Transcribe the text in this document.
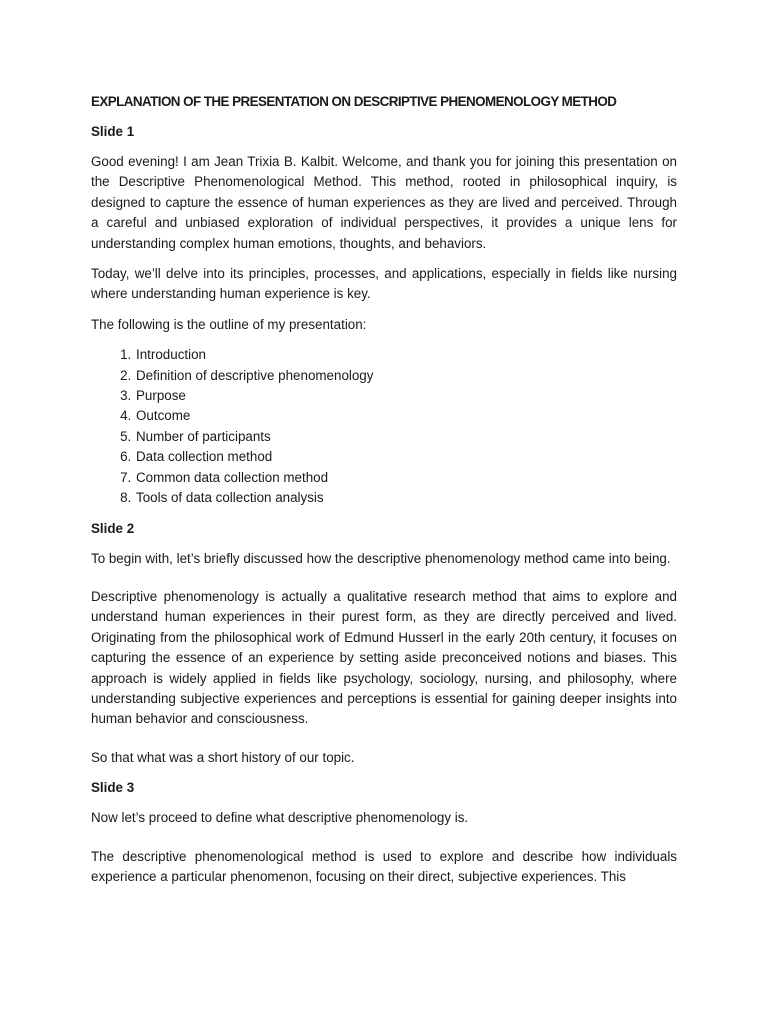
EXPLANATION OF THE PRESENTATION ON DESCRIPTIVE PHENOMENOLOGY METHOD
Slide 1

Good evening! I am Jean Trixia B. Kalbit. Welcome, and thank you for joining this presentation on the Descriptive Phenomenological Method. This method, rooted in philosophical inquiry, is designed to capture the essence of human experiences as they are lived and perceived. Through a careful and unbiased exploration of individual perspectives, it provides a unique lens for understanding complex human emotions, thoughts, and behaviors.

Today, we’ll delve into its principles, processes, and applications, especially in fields like nursing where understanding human experience is key.

The following is the outline of my presentation:

1. Introduction
2. Definition of descriptive phenomenology
3. Purpose
4. Outcome
5. Number of participants
6. Data collection method
7. Common data collection method
8. Tools of data collection analysis
Slide 2

To begin with, let’s briefly discussed how the descriptive phenomenology method came into being.

Descriptive phenomenology is actually a qualitative research method that aims to explore and understand human experiences in their purest form, as they are directly perceived and lived. Originating from the philosophical work of Edmund Husserl in the early 20th century, it focuses on capturing the essence of an experience by setting aside preconceived notions and biases. This approach is widely applied in fields like psychology, sociology, nursing, and philosophy, where understanding subjective experiences and perceptions is essential for gaining deeper insights into human behavior and consciousness.

So that what was a short history of our topic.

Slide 3

Now let’s proceed to define what descriptive phenomenology is.

The descriptive phenomenological method is used to explore and describe how individuals experience a particular phenomenon, focusing on their direct, subjective experiences. This
